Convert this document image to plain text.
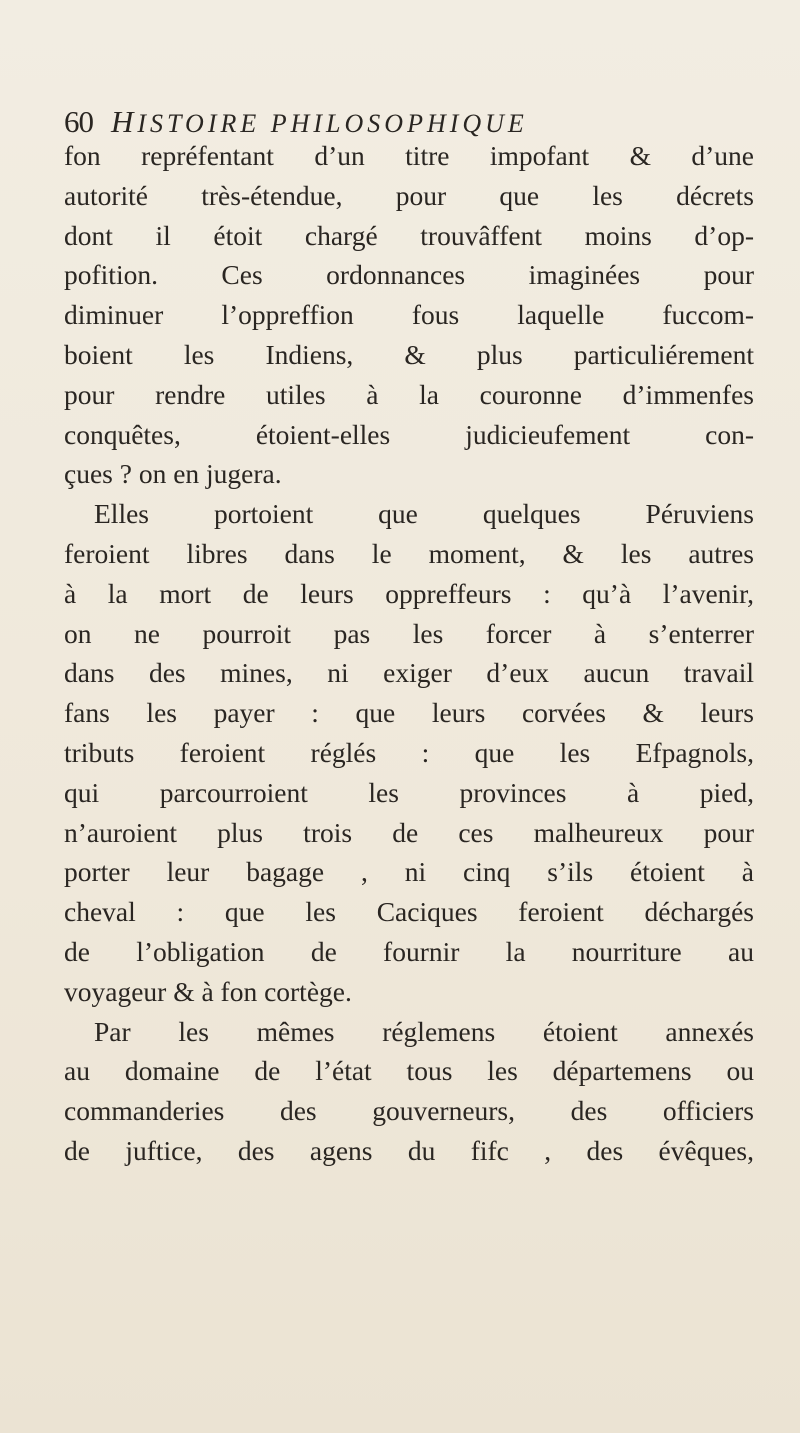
60 HISTOIRE PHILOSOPHIQUE
fon repréfentant d’un titre impofant & d’une
autorité très-étendue, pour que les décrets
dont il étoit chargé trouvâffent moins d’op-
pofition. Ces ordonnances imaginées pour
diminuer l’oppreffion fous laquelle fuccom-
boient les Indiens, & plus particuliérement
pour rendre utiles à la couronne d’immenfes
conquêtes, étoient-elles judicieufement con-
çues ? on en jugera.
Elles portoient que quelques Péruviens
feroient libres dans le moment, & les autres
à la mort de leurs oppreffeurs : qu’à l’avenir,
on ne pourroit pas les forcer à s’enterrer
dans des mines, ni exiger d’eux aucun travail
fans les payer : que leurs corvées & leurs
tributs feroient réglés : que les Efpagnols,
qui parcourroient les provinces à pied,
n’auroient plus trois de ces malheureux pour
porter leur bagage , ni cinq s’ils étoient à
cheval : que les Caciques feroient déchargés
de l’obligation de fournir la nourriture au
voyageur & à fon cortège.
Par les mêmes réglemens étoient annexés
au domaine de l’état tous les départemens ou
commanderies des gouverneurs, des officiers
de juftice, des agens du fifc , des évêques,
